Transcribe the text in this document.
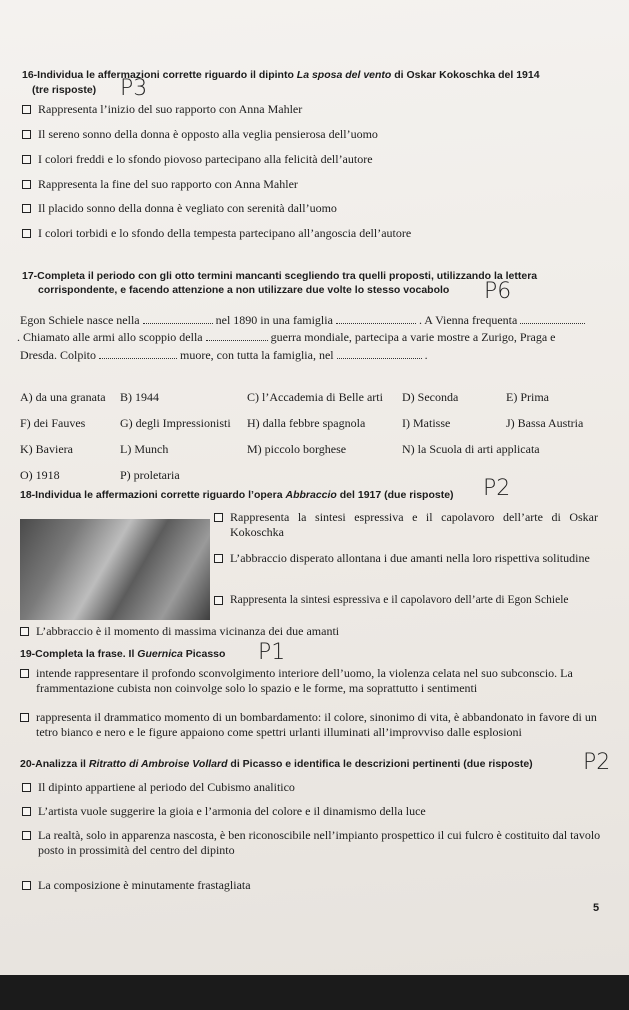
16-Individua le affermazioni corrette riguardo il dipinto La sposa del vento di Oskar Kokoschka del 1914
(tre risposte) P3
Rappresenta l’inizio del suo rapporto con Anna Mahler
Il sereno sonno della donna è opposto alla veglia pensierosa dell’uomo
I colori freddi e lo sfondo piovoso partecipano alla felicità dell’autore
Rappresenta la fine del suo rapporto con Anna Mahler
Il placido sonno della donna è vegliato con serenità dall’uomo
I colori torbidi e lo sfondo della tempesta partecipano all’angoscia dell’autore
17-Completa il periodo con gli otto termini mancanti scegliendo tra quelli proposti, utilizzando la lettera
corrispondente, e facendo attenzione a non utilizzare due volte lo stesso vocabolo	P6
Egon Schiele nasce nella	nel 1890 in una famiglia	. A Vienna frequenta
. Chiamato alle armi allo scoppio della	guerra mondiale, partecipa a varie mostre a Zurigo, Praga e
Dresda. Colpito	muore, con tutta la famiglia, nel	.
A) da una granata B) 1944	C) l’Accademia di Belle arti D) Seconda	E) Prima
F) dei Fauves	G) degli Impressionisti H) dalla febbre spagnola	I) Matisse	J) Bassa Austria
K) Baviera	L) Munch	M) piccolo borghese	N) la Scuola di arti applicata
O) 1918	P) proletaria
18-Individua le affermazioni corrette riguardo l’opera Abbraccio del 1917 (due risposte)	P2
Rappresenta la sintesi espressiva e il capolavoro dell’arte di Oskar Kokoschka
L’abbraccio disperato allontana i due amanti nella loro rispettiva solitudine
Rappresenta la sintesi espressiva e il capolavoro dell’arte di Egon Schiele
L’abbraccio è il momento di massima vicinanza dei due amanti
19-Completa la frase. Il Guernica Picasso P1
intende rappresentare il profondo sconvolgimento interiore dell’uomo, la violenza celata nel suo subconscio. La frammentazione cubista non coinvolge solo lo spazio e le forme, ma soprattutto i sentimenti
rappresenta il drammatico momento di un bombardamento: il colore, sinonimo di vita, è abbandonato in favore di un tetro bianco e nero e le figure appaiono come spettri urlanti illuminati all’improvviso dalle esplosioni
20-Analizza il Ritratto di Ambroise Vollard di Picasso e identifica le descrizioni pertinenti (due risposte)	P2
Il dipinto appartiene al periodo del Cubismo analitico
L’artista vuole suggerire la gioia e l’armonia del colore e il dinamismo della luce
La realtà, solo in apparenza nascosta, è ben riconoscibile nell’impianto prospettico il cui fulcro è costituito dal tavolo posto in prossimità del centro del dipinto
La composizione è minutamente frastagliata
5
